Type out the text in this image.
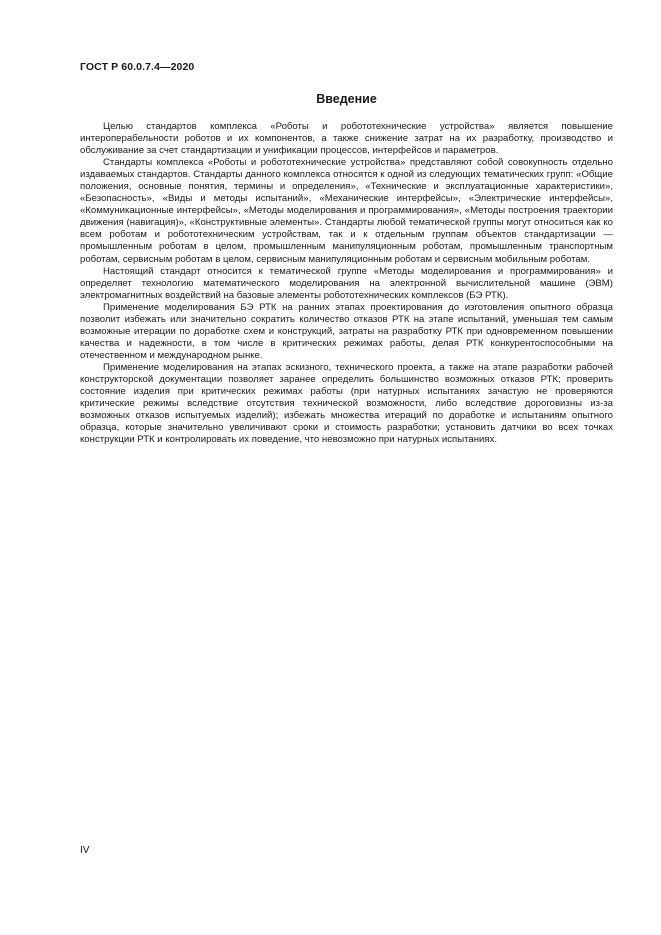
ГОСТ Р 60.0.7.4—2020
Введение

Целью стандартов комплекса «Роботы и робототехнические устройства» является повышение интероперабельности роботов и их компонентов, а также снижение затрат на их разработку, производство и обслуживание за счет стандартизации и унификации процессов, интерфейсов и параметров.

Стандарты комплекса «Роботы и робототехнические устройства» представляют собой совокупность отдельно издаваемых стандартов. Стандарты данного комплекса относятся к одной из следующих тематических групп: «Общие положения, основные понятия, термины и определения», «Технические и эксплуатационные характеристики», «Безопасность», «Виды и методы испытаний», «Механические интерфейсы», «Электрические интерфейсы», «Коммуникационные интерфейсы», «Методы моделирования и программирования», «Методы построения траектории движения (навигация)», «Конструктивные элементы». Стандарты любой тематической группы могут относиться как ко всем роботам и робототехническим устройствам, так и к отдельным группам объектов стандартизации — промышленным роботам в целом, промышленным манипуляционным роботам, промышленным транспортным роботам, сервисным роботам в целом, сервисным манипуляционным роботам и сервисным мобильным роботам.

Настоящий стандарт относится к тематической группе «Методы моделирования и программирования» и определяет технологию математического моделирования на электронной вычислительной машине (ЭВМ) электромагнитных воздействий на базовые элементы робототехнических комплексов (БЭ РТК).

Применение моделирования БЭ РТК на ранних этапах проектирования до изготовления опытного образца позволит избежать или значительно сократить количество отказов РТК на этапе испытаний, уменьшая тем самым возможные итерации по доработке схем и конструкций, затраты на разработку РТК при одновременном повышении качества и надежности, в том числе в критических режимах работы, делая РТК конкурентоспособными на отечественном и международном рынке.

Применение моделирования на этапах эскизного, технического проекта, а также на этапе разработки рабочей конструкторской документации позволяет заранее определить большинство возможных отказов РТК; проверить состояние изделия при критических режимах работы (при натурных испытаниях зачастую не проверяются критические режимы вследствие отсутствия технической возможности, либо вследствие дороговизны из-за возможных отказов испытуемых изделий); избежать множества итераций по доработке и испытаниям опытного образца, которые значительно увеличивают сроки и стоимость разработки; установить датчики во всех точках конструкции РТК и контролировать их поведение, что невозможно при натурных испытаниях.

IV
